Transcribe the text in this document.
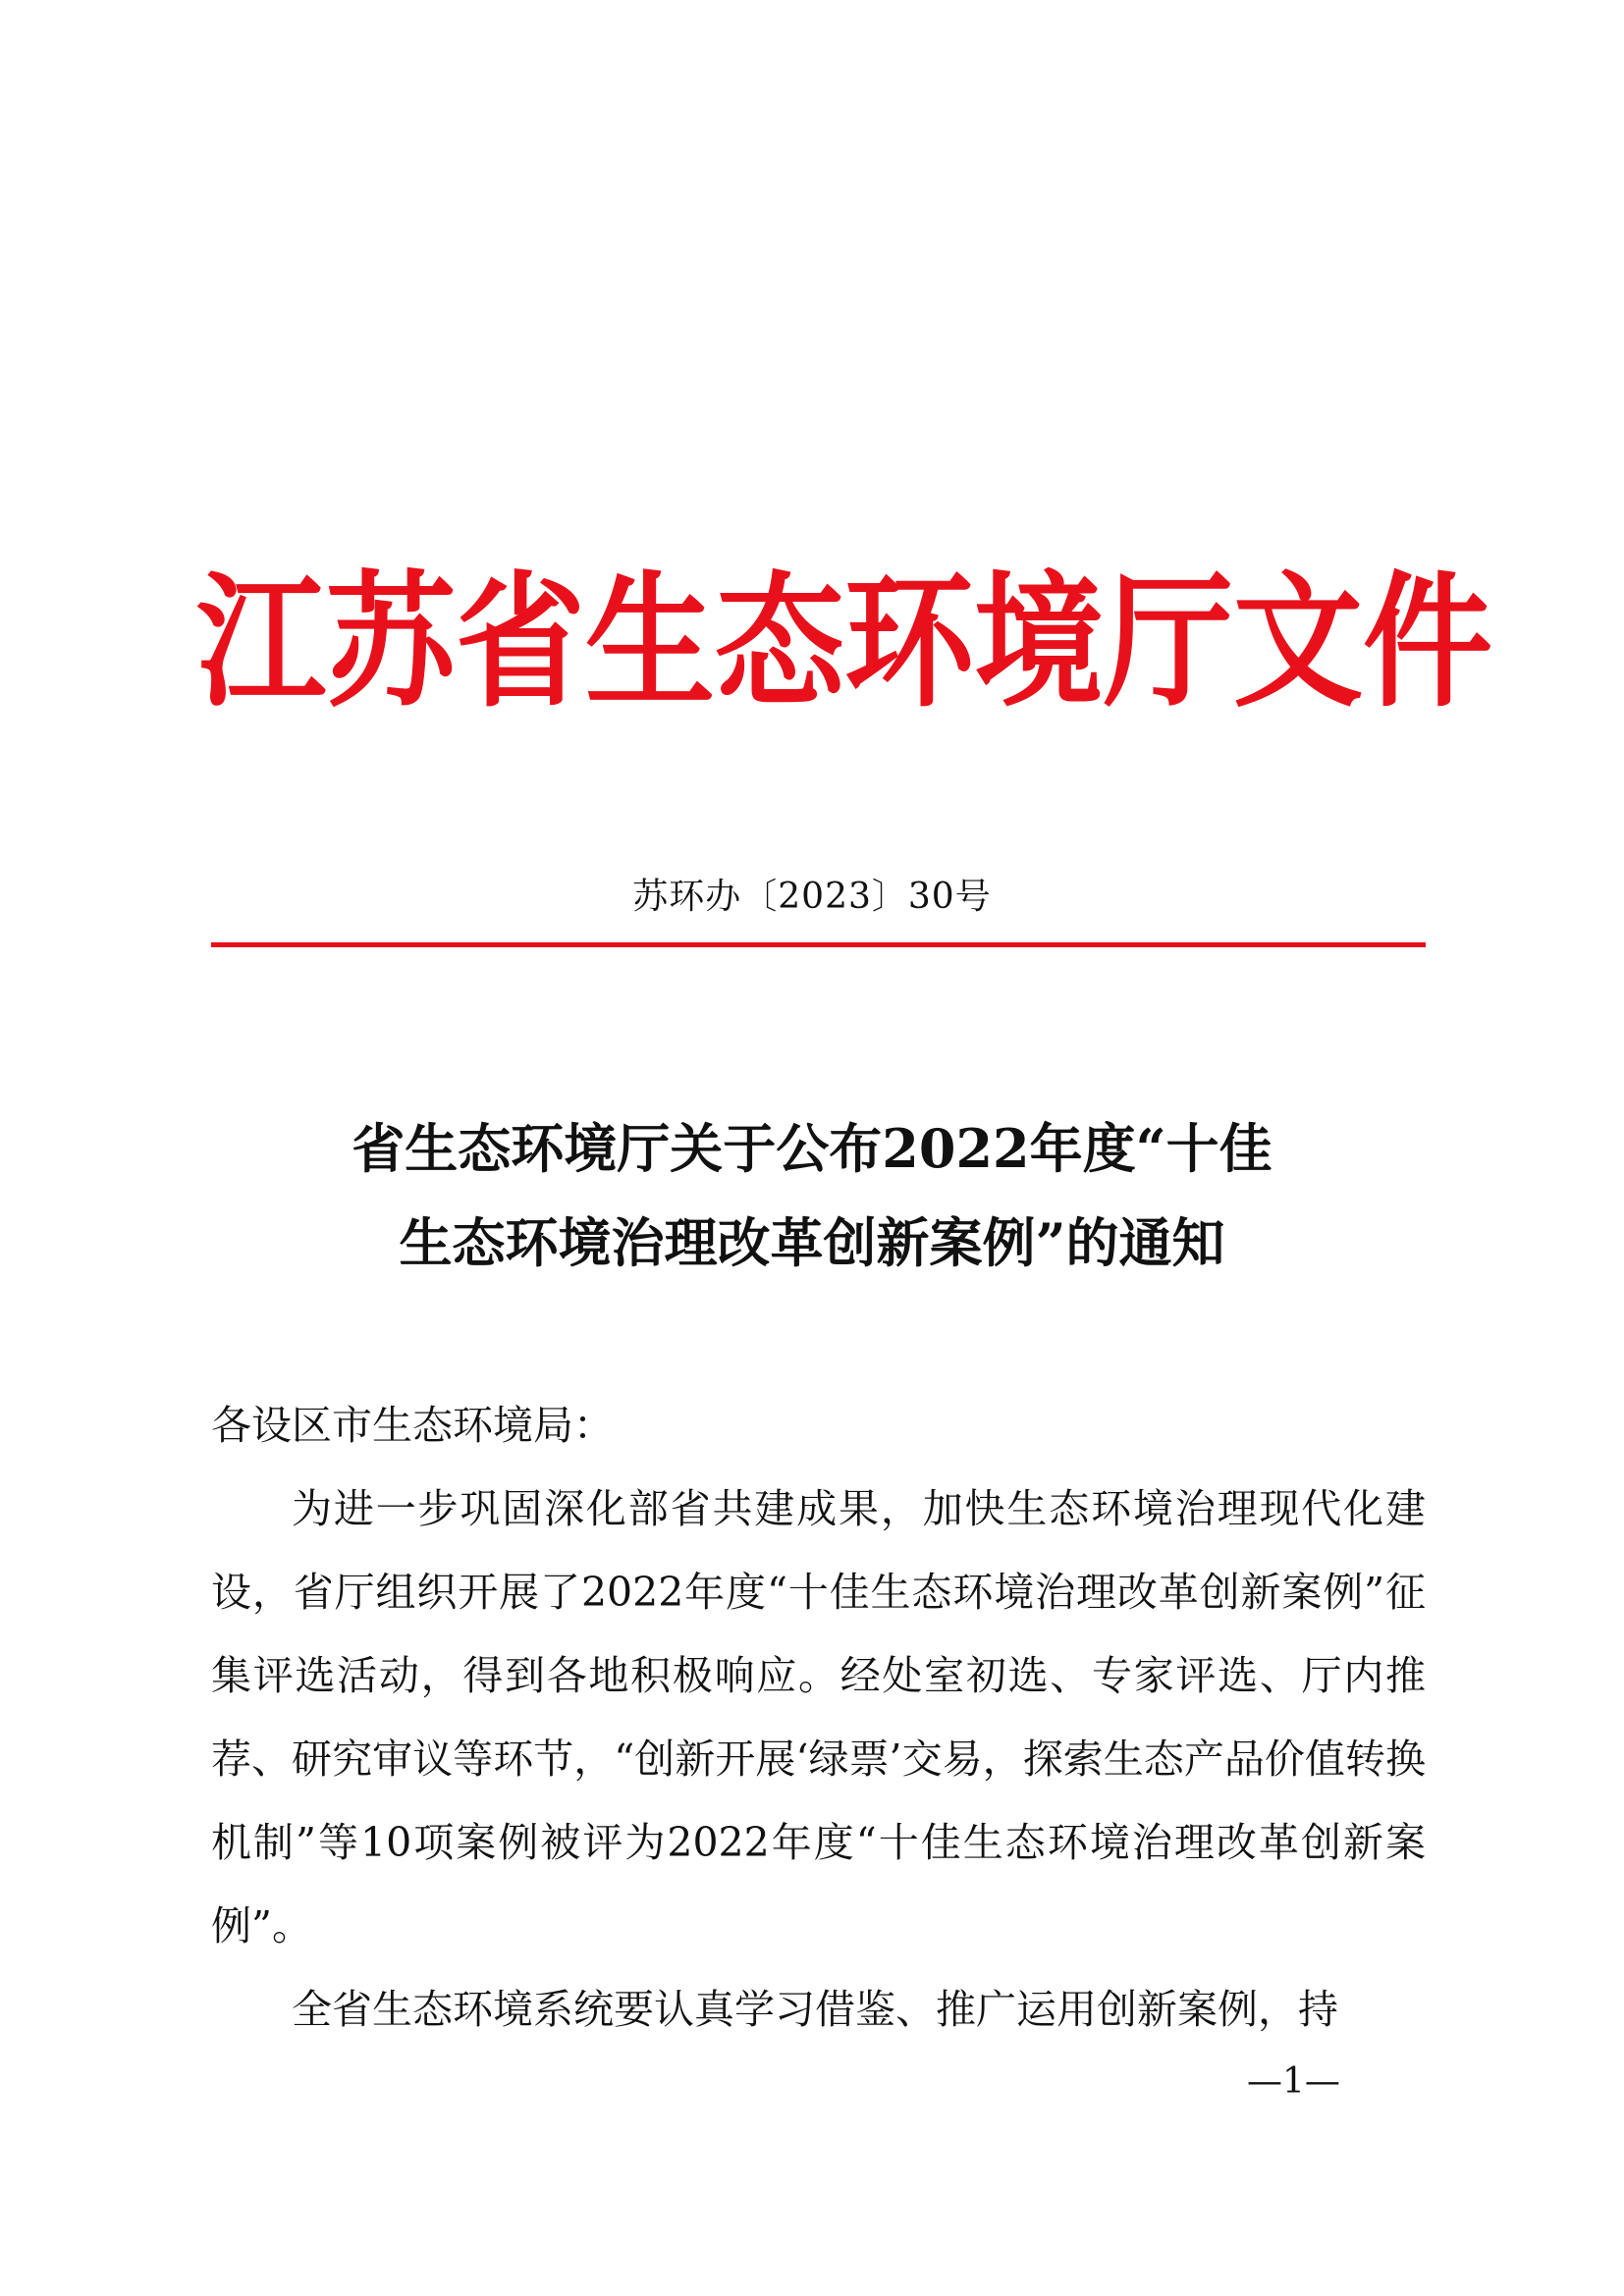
江 苏 省 生 态 环 境 厅 文 件
苏环办〔2023〕30号
省生态环境厅关于公布2022年度“十佳
生态环境治理改革创新案例”的通知

各设区市生态环境局：

为进一步巩固深化部省共建成果，加快生态环境治理现代化建设，省厅组织开展了2022年度“十佳生态环境治理改革创新案例”征集评选活动，得到各地积极响应。经处室初选、专家评选、厅内推荐、研究审议等环节，“创新开展‘绿票’交易，探索生态产品价值转换机制”等10项案例被评为2022年度“十佳生态环境治理改革创新案例”。

全省生态环境系统要认真学习借鉴、推广运用创新案例，持

—1—
